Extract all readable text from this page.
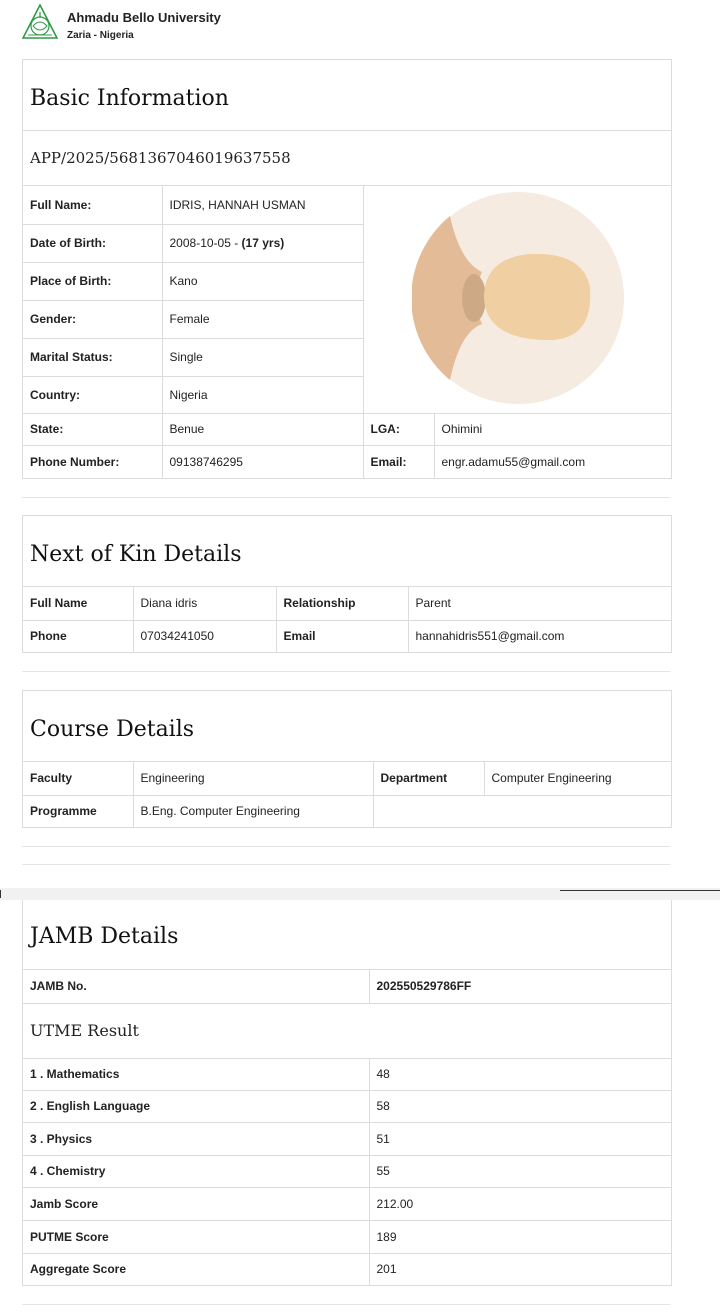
Ahmadu Bello University
Zaria - Nigeria
Basic Information
APP/2025/5681367046019637558
Full Name:	IDRIS, HANNAH USMAN	

Date of Birth:	2008-10-05 - (17 yrs)		
Place of Birth:	Kano		
Gender:	Female		
Marital Status:	Single		
Country:	Nigeria		
State:	Benue	LGA:	Ohimini
Phone Number:	09138746295	Email:	engr.adamu55@gmail.com
Next of Kin Details
Full Name	Diana idris	Relationship	Parent
Phone	07034241050	Email	hannahidris551@gmail.com
Course Details
Faculty	Engineering	Department	Computer Engineering
Programme	B.Eng. Computer Engineering		
JAMB Details
JAMB No.	202550529786FF
UTME Result	
1 . Mathematics	48
2 . English Language	58
3 . Physics	51
4 . Chemistry	55
Jamb Score	212.00
PUTME Score	189
Aggregate Score	201
